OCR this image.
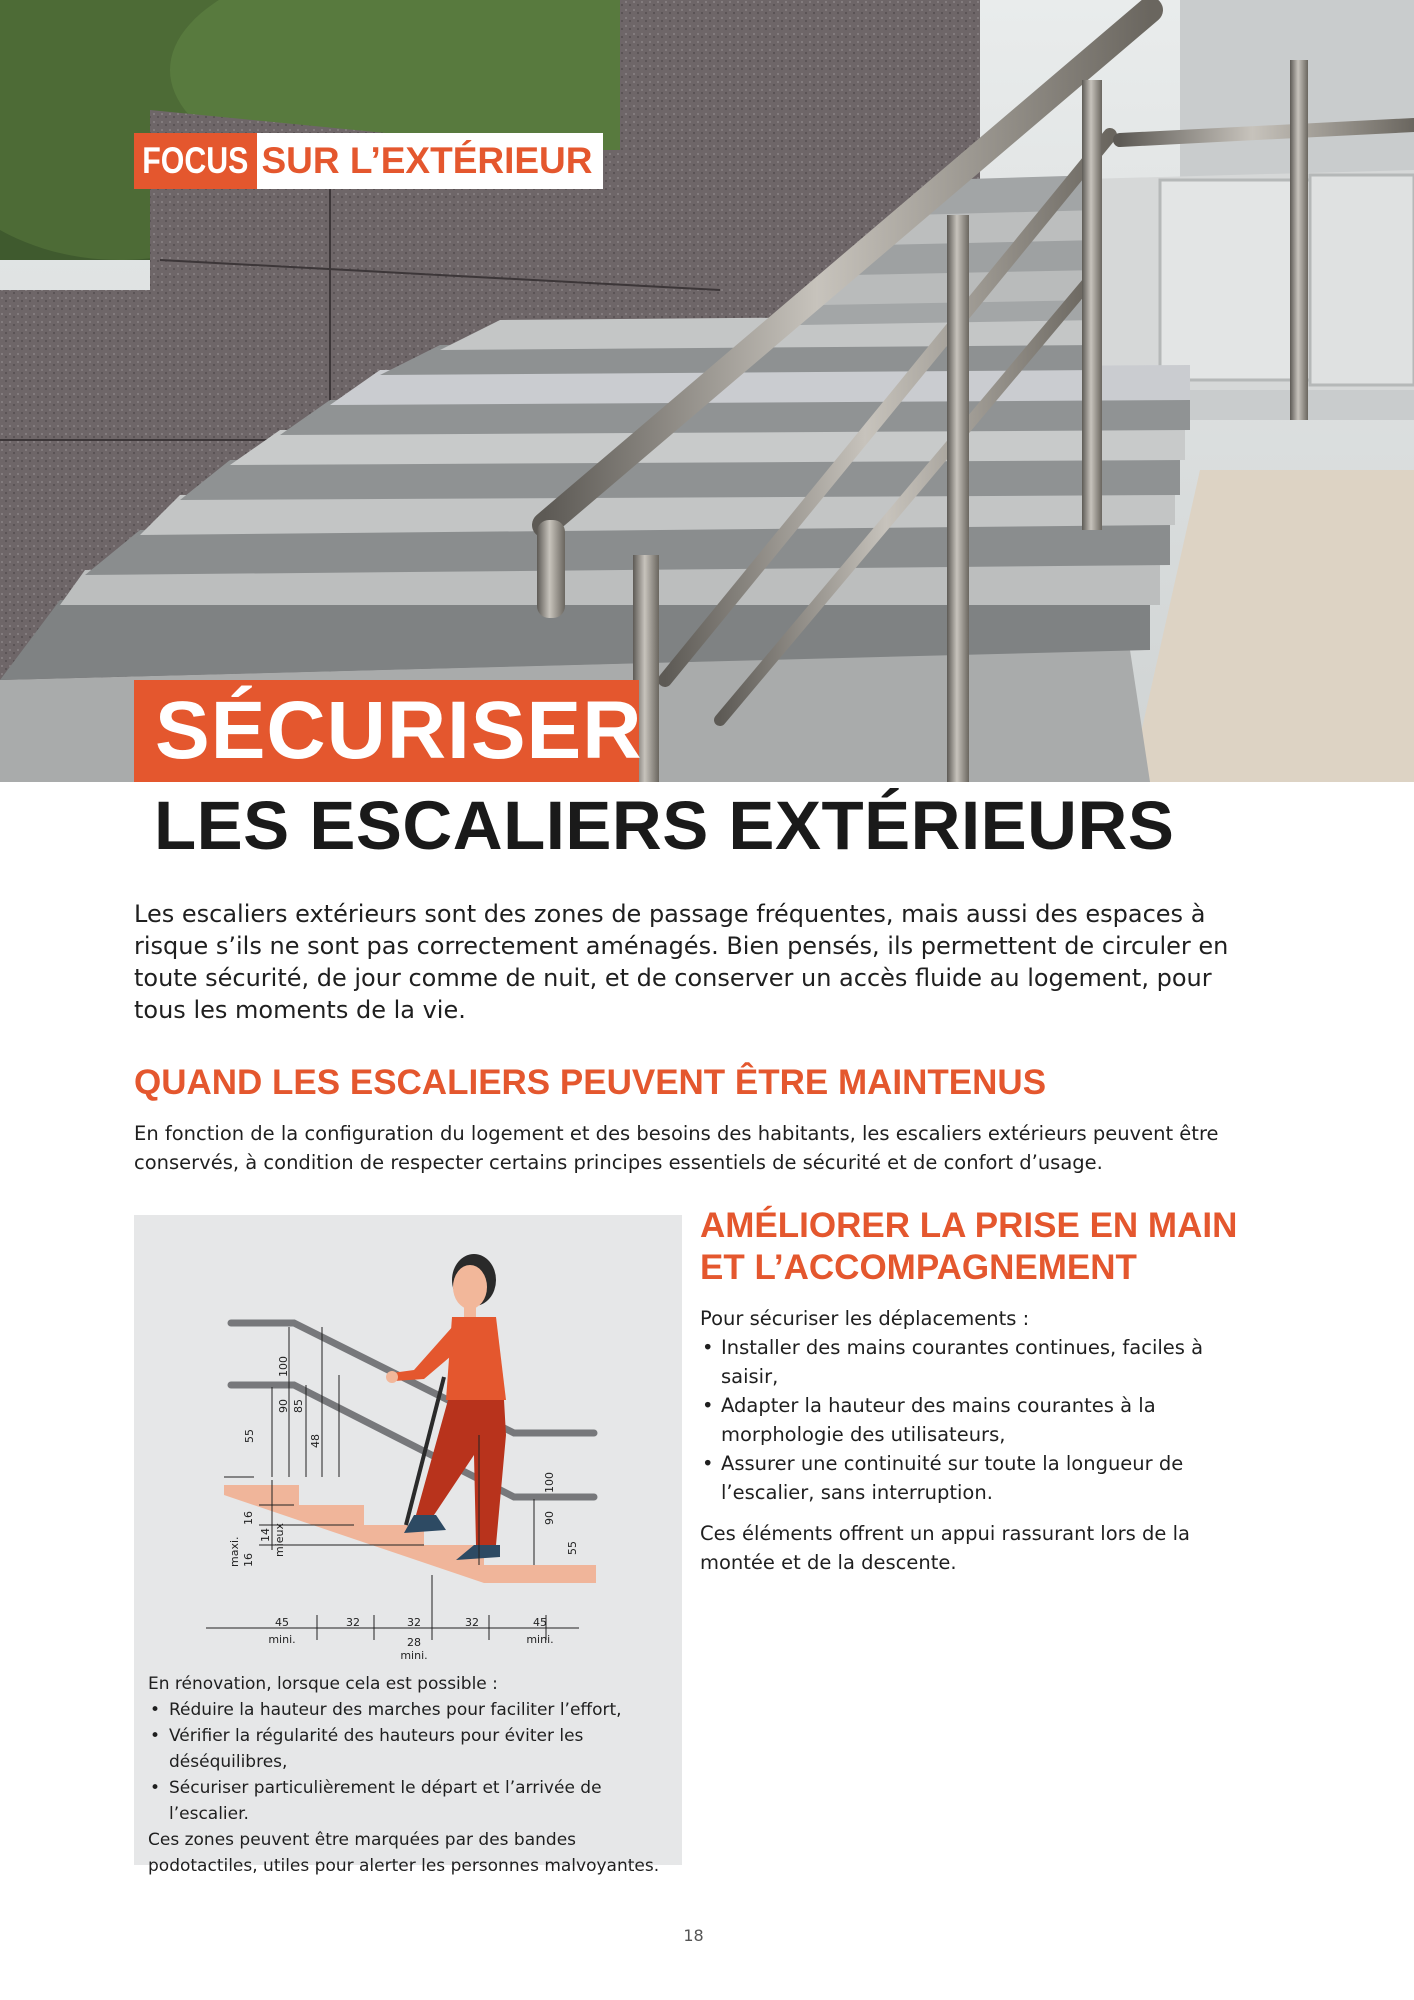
FOCUS SUR L’EXTÉRIEUR
SÉCURISER
LES ESCALIERS EXTÉRIEURS
Les escaliers extérieurs sont des zones de passage fréquentes, mais aussi des espaces à risque s’ils ne sont pas correctement aménagés. Bien pensés, ils permettent de circuler en toute sécurité, de jour comme de nuit, et de conserver un accès fluide au logement, pour tous les moments de la vie.
QUAND LES ESCALIERS PEUVENT ÊTRE MAINTENUS
En fonction de la configuration du logement et des besoins des habitants, les escaliers extérieurs peuvent être conservés, à condition de respecter certains principes essentiels de sécurité et de confort d’usage.
100
90 85
55	48
100
90
55
maxi.
16
16
14 mieux
45
mini.
32	32
28
mini.
32	45
mini.
En rénovation, lorsque cela est possible :
• Réduire la hauteur des marches pour faciliter l’effort,
• Vérifier la régularité des hauteurs pour éviter les déséquilibres,
• Sécuriser particulièrement le départ et l’arrivée de l’escalier.
Ces zones peuvent être marquées par des bandes podotactiles, utiles pour alerter les personnes malvoyantes.
AMÉLIORER LA PRISE EN MAIN ET L’ACCOMPAGNEMENT

Pour sécuriser les déplacements :

• Installer des mains courantes continues, faciles à saisir,
• Adapter la hauteur des mains courantes à la morphologie des utilisateurs,
• Assurer une continuité sur toute la longueur de l’escalier, sans interruption.

Ces éléments offrent un appui rassurant lors de la montée et de la descente.

18
